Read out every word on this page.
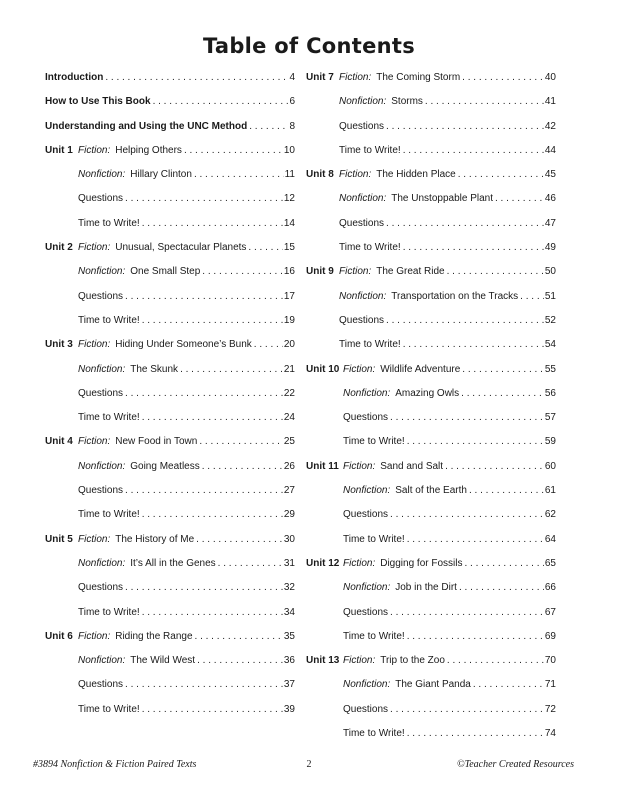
Table of Contents
Introduction . . .	4
How to Use This Book . . .	6
Understanding and Using the UNC Method . . .	8
Unit 1 Fiction: Helping Others . . .	10
Nonfiction: Hillary Clinton . . .	11
Questions . . .	12
Time to Write! . . .	14
Unit 2 Fiction: Unusual, Spectacular Planets . . .	15
Nonfiction: One Small Step . . .	16
Questions . . .	17
Time to Write! . . .	19
Unit 3 Fiction: Hiding Under Someone’s Bunk . . .	20
Nonfiction: The Skunk . . .	21
Questions . . .	22
Time to Write! . . .	24
Unit 4 Fiction: New Food in Town . . .	25
Nonfiction: Going Meatless . . .	26
Questions . . .	27
Time to Write! . . .	29
Unit 5 Fiction: The History of Me . . .	30
Nonfiction: It’s All in the Genes . . .	31
Questions . . .	32
Time to Write! . . .	34
Unit 6 Fiction: Riding the Range . . .	35
Nonfiction: The Wild West . . .	36
Questions . . .	37
Time to Write! . . .	39
Unit 7 Fiction: The Coming Storm . . .	40
Nonfiction: Storms . . .	41
Questions . . .	42
Time to Write! . . .	44
Unit 8 Fiction: The Hidden Place . . .	45
Nonfiction: The Unstoppable Plant . . .	46
Questions . . .	47
Time to Write! . . .	49
Unit 9 Fiction: The Great Ride . . .	50
Nonfiction: Transportation on the Tracks . . .	51
Questions . . .	52
Time to Write! . . .	54
Unit 10 Fiction: Wildlife Adventure . . .	55
Nonfiction: Amazing Owls . . .	56
Questions . . .	57
Time to Write! . . .	59
Unit 11 Fiction: Sand and Salt . . .	60
Nonfiction: Salt of the Earth . . .	61
Questions . . .	62
Time to Write! . . .	64
Unit 12 Fiction: Digging for Fossils . . .	65
Nonfiction: Job in the Dirt . . .	66
Questions . . .	67
Time to Write! . . .	69
Unit 13 Fiction: Trip to the Zoo . . .	70
Nonfiction: The Giant Panda . . .	71
Questions . . .	72
Time to Write! . . .	74
#3894 Nonfiction & Fiction Paired Texts	2	©Teacher Created Resources
